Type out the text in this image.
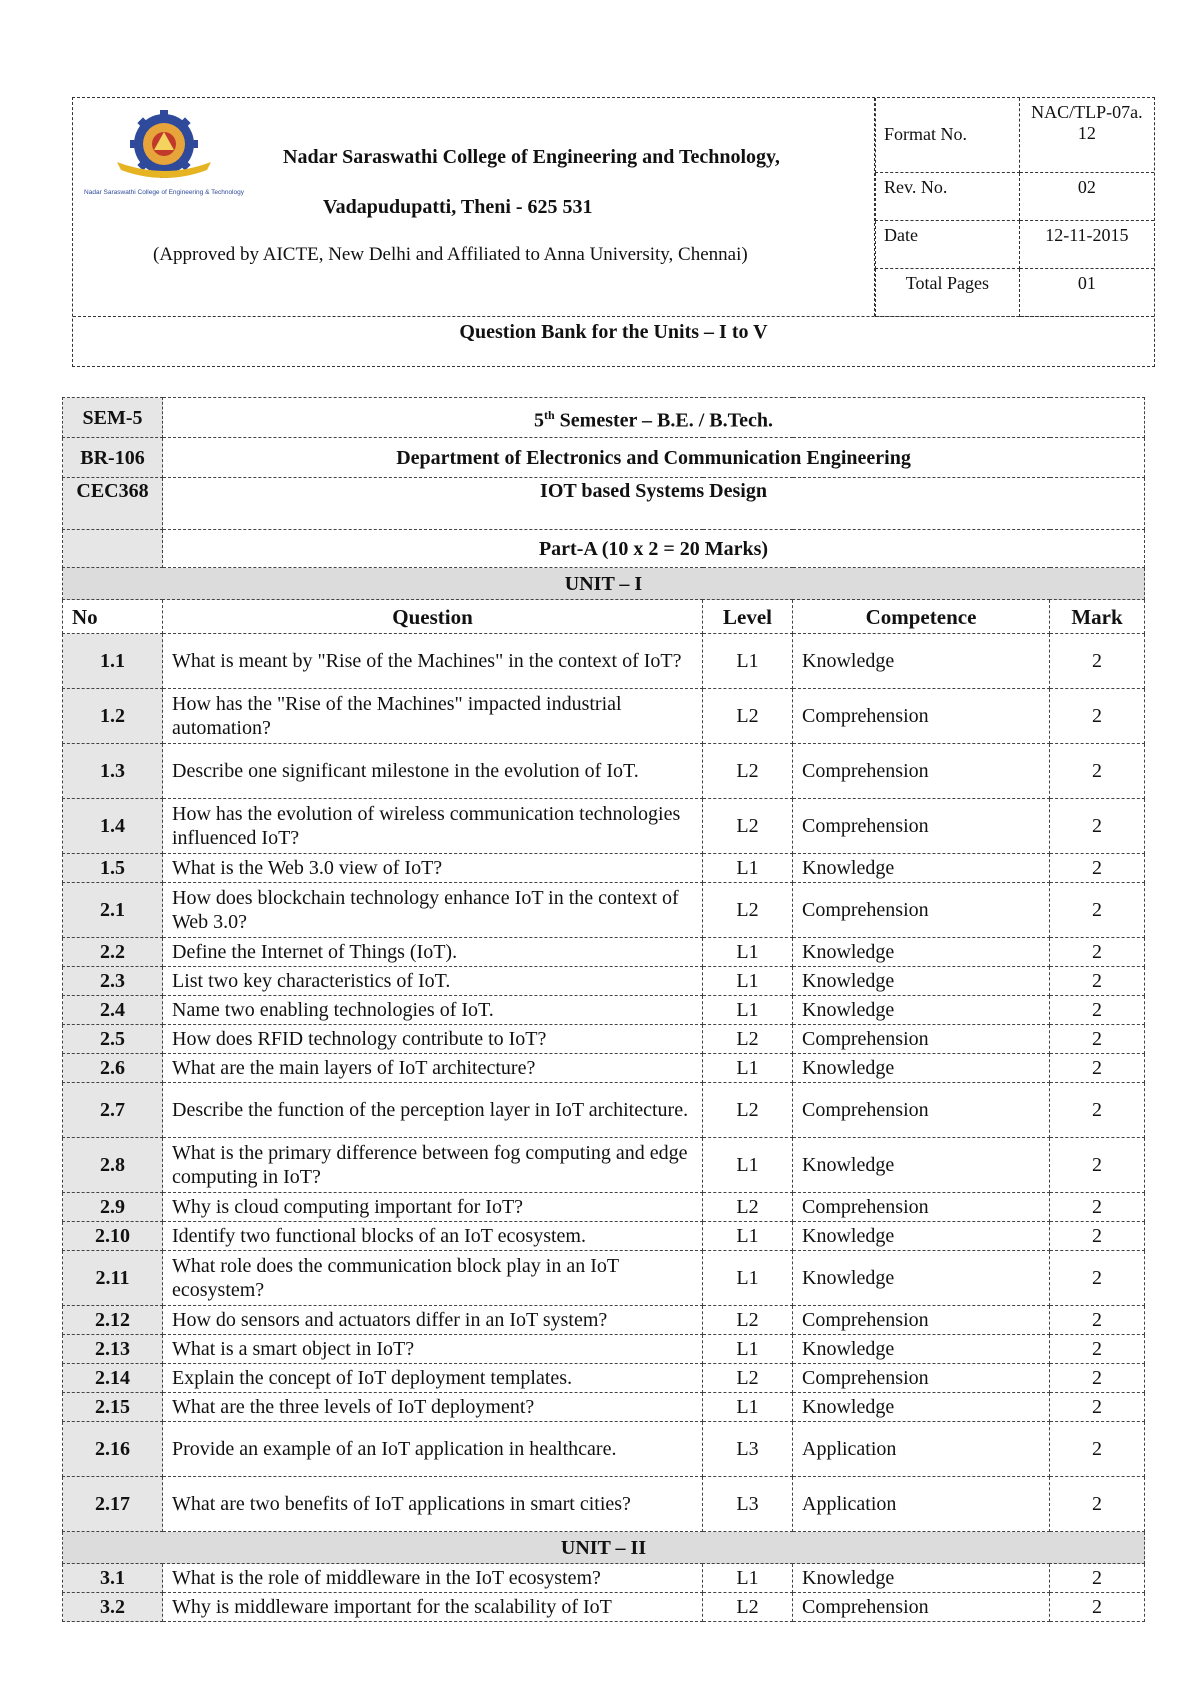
Nadar Saraswathi College of Engineering & Technology
Nadar Saraswathi College of Engineering and Technology,
Vadapudupatti, Theni - 625 531
(Approved by AICTE, New Delhi and Affiliated to Anna University, Chennai)
Format No.	NAC/TLP-07a.12
Rev. No.	02
Date	12-11-2015
Total Pages	01
Question Bank for the Units – I to V
SEM-5	5th Semester – B.E. / B.Tech.			
BR-106	Department of Electronics and Communication Engineering			
CEC368	IOT based Systems Design			
	Part-A (10 x 2 = 20 Marks)			
UNIT – I				
No	Question	Level	Competence	Mark
1.1	What is meant by "Rise of the Machines" in the context of IoT?	L1	Knowledge	2
1.2	How has the "Rise of the Machines" impacted industrial automation?	L2	Comprehension	2
1.3	Describe one significant milestone in the evolution of IoT.	L2	Comprehension	2
1.4	How has the evolution of wireless communication technologies influenced IoT?	L2	Comprehension	2
1.5	What is the Web 3.0 view of IoT?	L1	Knowledge	2
2.1	How does blockchain technology enhance IoT in the context of Web 3.0?	L2	Comprehension	2
2.2	Define the Internet of Things (IoT).	L1	Knowledge	2
2.3	List two key characteristics of IoT.	L1	Knowledge	2
2.4	Name two enabling technologies of IoT.	L1	Knowledge	2
2.5	How does RFID technology contribute to IoT?	L2	Comprehension	2
2.6	What are the main layers of IoT architecture?	L1	Knowledge	2
2.7	Describe the function of the perception layer in IoT architecture.	L2	Comprehension	2
2.8	What is the primary difference between fog computing and edge computing in IoT?	L1	Knowledge	2
2.9	Why is cloud computing important for IoT?	L2	Comprehension	2
2.10	Identify two functional blocks of an IoT ecosystem.	L1	Knowledge	2
2.11	What role does the communication block play in an IoT ecosystem?	L1	Knowledge	2
2.12	How do sensors and actuators differ in an IoT system?	L2	Comprehension	2
2.13	What is a smart object in IoT?	L1	Knowledge	2
2.14	Explain the concept of IoT deployment templates.	L2	Comprehension	2
2.15	What are the three levels of IoT deployment?	L1	Knowledge	2
2.16	Provide an example of an IoT application in healthcare.	L3	Application	2
2.17	What are two benefits of IoT applications in smart cities?	L3	Application	2
UNIT – II				
3.1	What is the role of middleware in the IoT ecosystem?	L1	Knowledge	2
3.2	Why is middleware important for the scalability of IoT	L2	Comprehension	2
